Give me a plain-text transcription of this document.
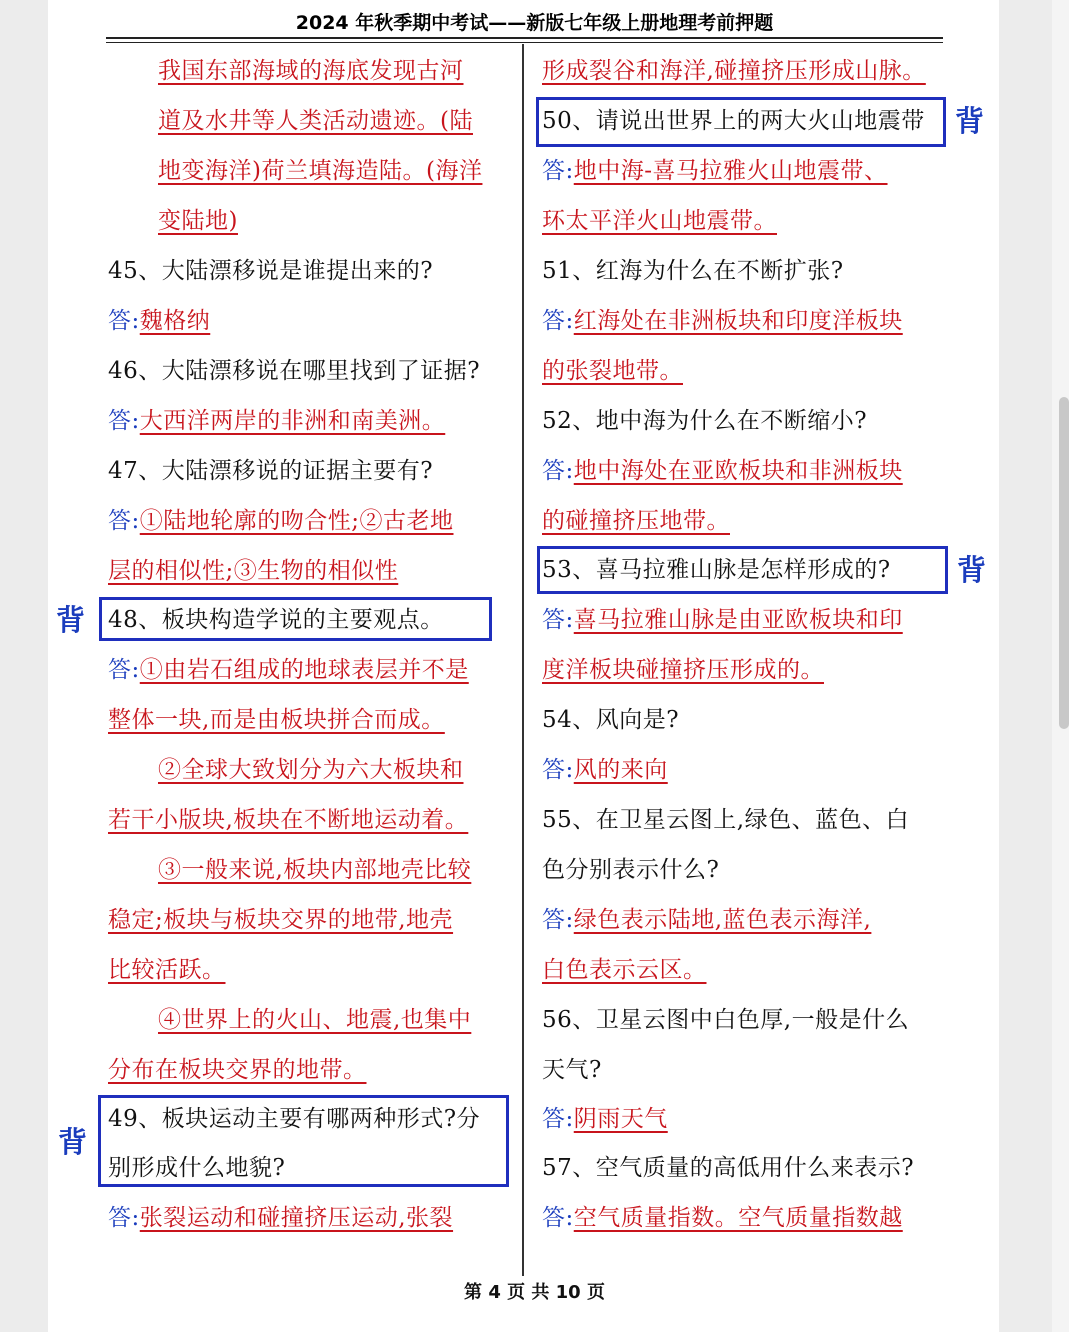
2024 年秋季期中考试——新版七年级上册地理考前押题
我国东部海域的海底发现古河
道及水井等人类活动遗迹。(陆
地变海洋)荷兰填海造陆。(海洋
变陆地)
45、大陆漂移说是谁提出来的?
答:魏格纳
46、大陆漂移说在哪里找到了证据?
答:大西洋两岸的非洲和南美洲。
47、大陆漂移说的证据主要有?
答:①陆地轮廓的吻合性;②古老地
层的相似性;③生物的相似性
背 48、板块构造学说的主要观点。
答:①由岩石组成的地球表层并不是
整体一块,而是由板块拼合而成。
②全球大致划分为六大板块和
若干小版块,板块在不断地运动着。
③一般来说,板块内部地壳比较
稳定;板块与板块交界的地带,地壳
比较活跃。
④世界上的火山、地震,也集中
分布在板块交界的地带。
背
49、板块运动主要有哪两种形式?分
别形成什么地貌?
答:张裂运动和碰撞挤压运动,张裂
形成裂谷和海洋,碰撞挤压形成山脉。
背
50、请说出世界上的两大火山地震带
答:地中海-喜马拉雅火山地震带、
环太平洋火山地震带。
51、红海为什么在不断扩张?
答:红海处在非洲板块和印度洋板块
的张裂地带。
52、地中海为什么在不断缩小?
答:地中海处在亚欧板块和非洲板块
的碰撞挤压地带。
背
53、喜马拉雅山脉是怎样形成的?
答:喜马拉雅山脉是由亚欧板块和印
度洋板块碰撞挤压形成的。
54、风向是?
答:风的来向
55、在卫星云图上,绿色、蓝色、白
色分别表示什么?
答:绿色表示陆地,蓝色表示海洋,
白色表示云区。
56、卫星云图中白色厚,一般是什么
天气?
答:阴雨天气
57、空气质量的高低用什么来表示?
答:空气质量指数。空气质量指数越
第 4 页 共 10 页
